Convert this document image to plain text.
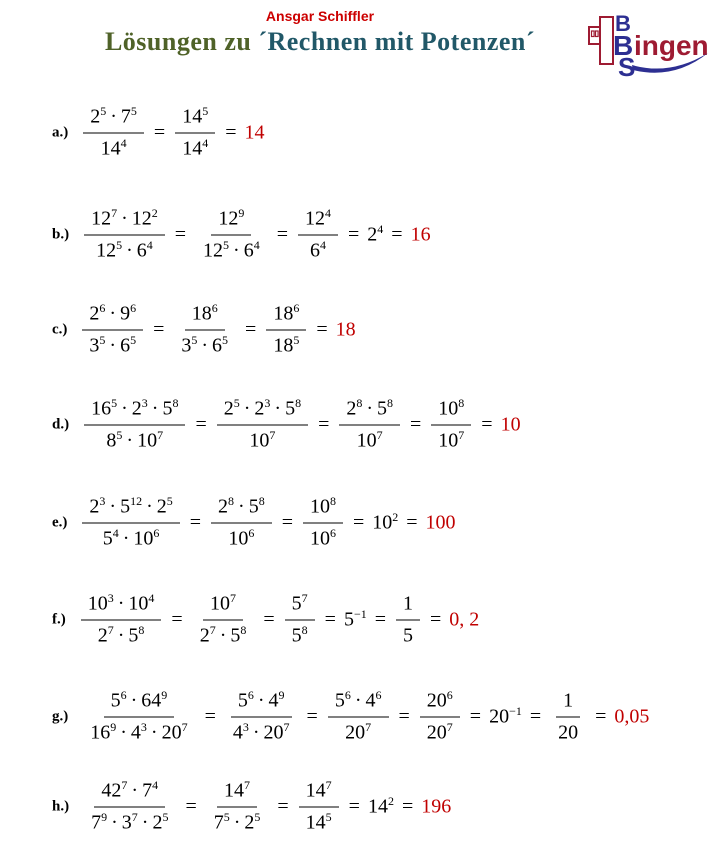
Ansgar Schiffler
Lösungen zu ´Rechnen mit Potenzen´
B
B ingen
S
$a.) \frac{2^5 \cdot 7^5}{14^4} = \frac{14^5}{14^4} = 14$
$b.) \frac{12^7 \cdot 12^2}{12^5 \cdot 6^4} = \frac{12^9}{12^5 \cdot 6^4} = \frac{12^4}{6^4} = 2^4 = 16$
$c.) \frac{2^6 \cdot 9^6}{3^5 \cdot 6^5} = \frac{18^6}{3^5 \cdot 6^5} = \frac{18^6}{18^5} = 18$
$d.) \frac{16^5 \cdot 2^3 \cdot 5^8}{8^5 \cdot 10^7} = \frac{2^5 \cdot 2^3 \cdot 5^8}{10^7} = \frac{2^8 \cdot 5^8}{10^7} = \frac{10^8}{10^7} = 10$
$e.) \frac{2^3 \cdot 5^{12} \cdot 2^5}{5^4 \cdot 10^6} = \frac{2^8 \cdot 5^8}{10^6} = \frac{10^8}{10^6} = 10^2 = 100$
$f.) \frac{10^3 \cdot 10^4}{2^7 \cdot 5^8} = \frac{10^7}{2^7 \cdot 5^8} = \frac{5^7}{5^8} = 5^{-1} = \frac{1}{5} = 0$, 2
$g.) \frac{5^6 \cdot 64^9}{16^9 \cdot 4^3 \cdot 20^7} = \frac{5^6 \cdot 4^9}{4^3 \cdot 20^7} = \frac{5^6 \cdot 4^6}{20^7} = \frac{20^6}{20^7} = 20^{-1} = \frac{1}{20} = 0,05$
$h.) \frac{42^7 \cdot 7^4}{7^9 \cdot 3^7 \cdot 2^5} = \frac{14^7}{7^5 \cdot 2^5} = \frac{14^7}{14^5} = 14^2 = 196$
